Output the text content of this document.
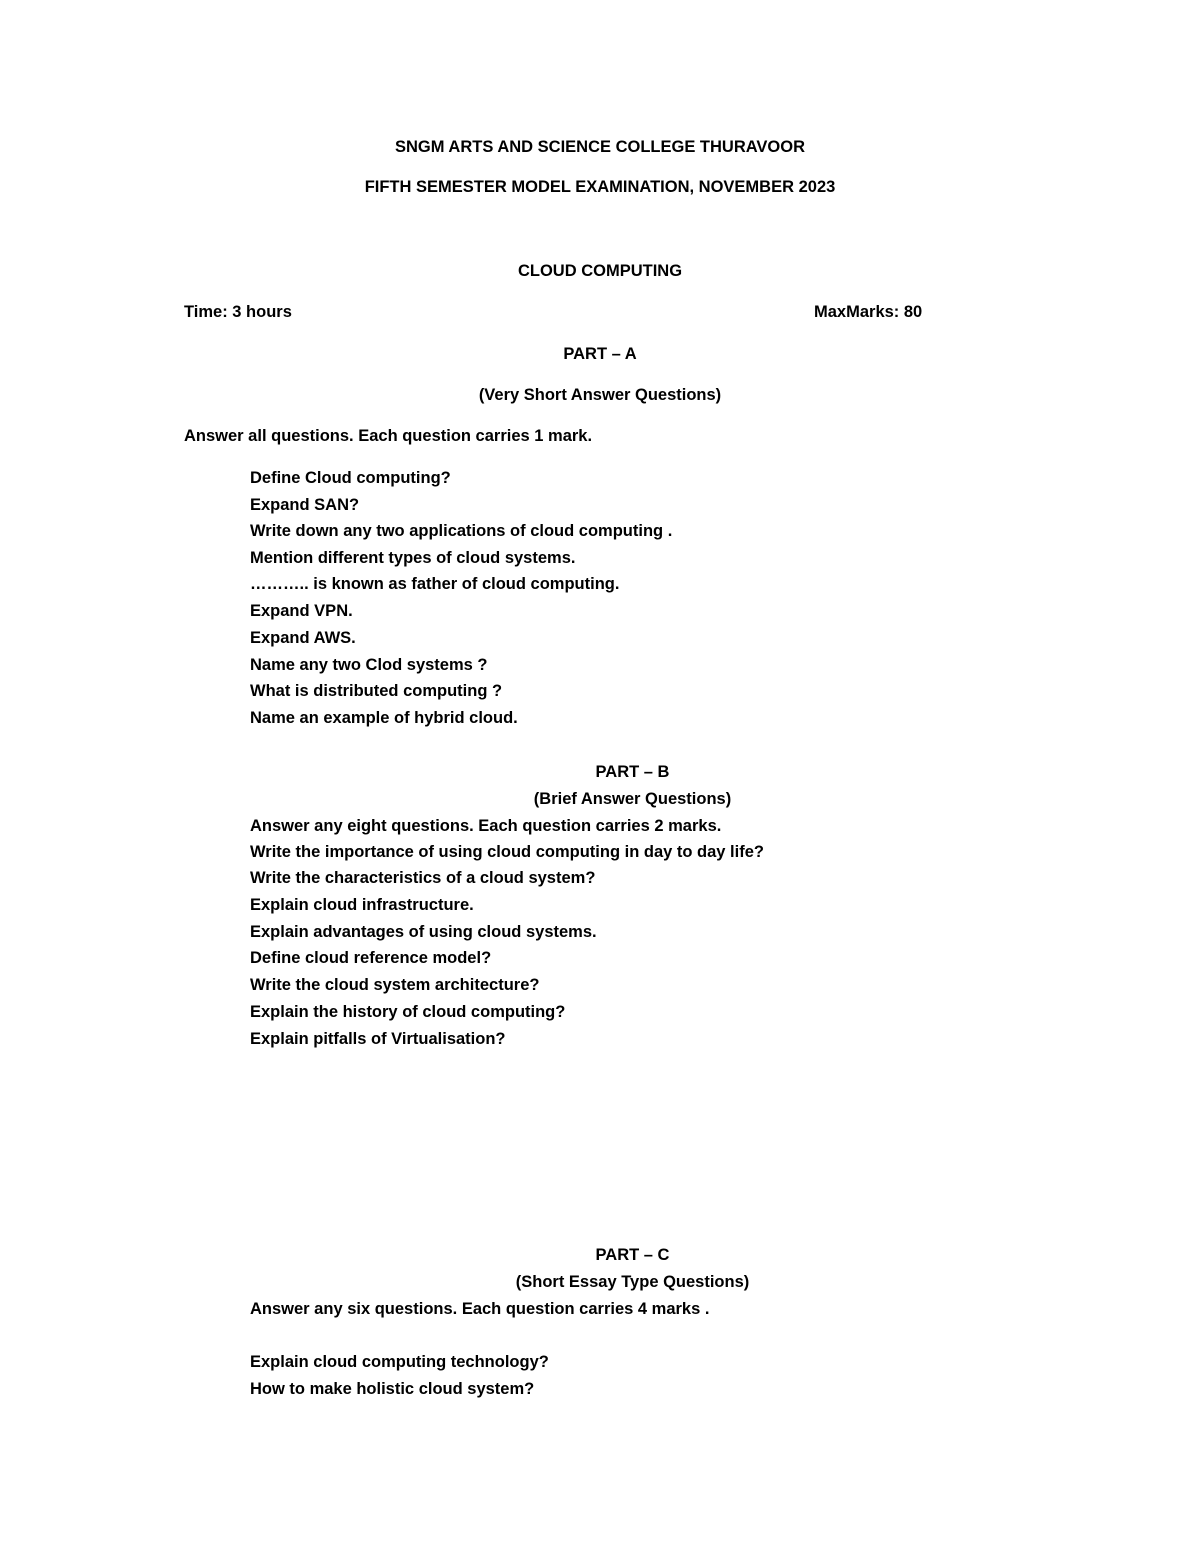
SNGM ARTS AND SCIENCE COLLEGE THURAVOOR
FIFTH SEMESTER MODEL EXAMINATION, NOVEMBER 2023
CLOUD COMPUTING
Time: 3 hours	MaxMarks: 80
PART – A
(Very Short Answer Questions)
Answer all questions. Each question carries 1 mark.
Define Cloud computing?
Expand SAN?
Write down any two applications of cloud computing .
Mention different types of cloud systems.
……….. is known as father of cloud computing.
Expand VPN.
Expand AWS.
Name any two Clod systems ?
What is distributed computing ?
Name an example of hybrid cloud.
PART – B
(Brief Answer Questions)
Answer any eight questions. Each question carries 2 marks.
Write the importance of using cloud computing in day to day life?
Write the characteristics of a cloud system?
Explain cloud infrastructure.
Explain advantages of using cloud systems.
Define cloud reference model?
Write the cloud system architecture?
Explain the history of cloud computing?
Explain pitfalls of Virtualisation?
PART – C
(Short Essay Type Questions)
Answer any six questions. Each question carries 4 marks .
Explain cloud computing technology?
How to make holistic cloud system?
